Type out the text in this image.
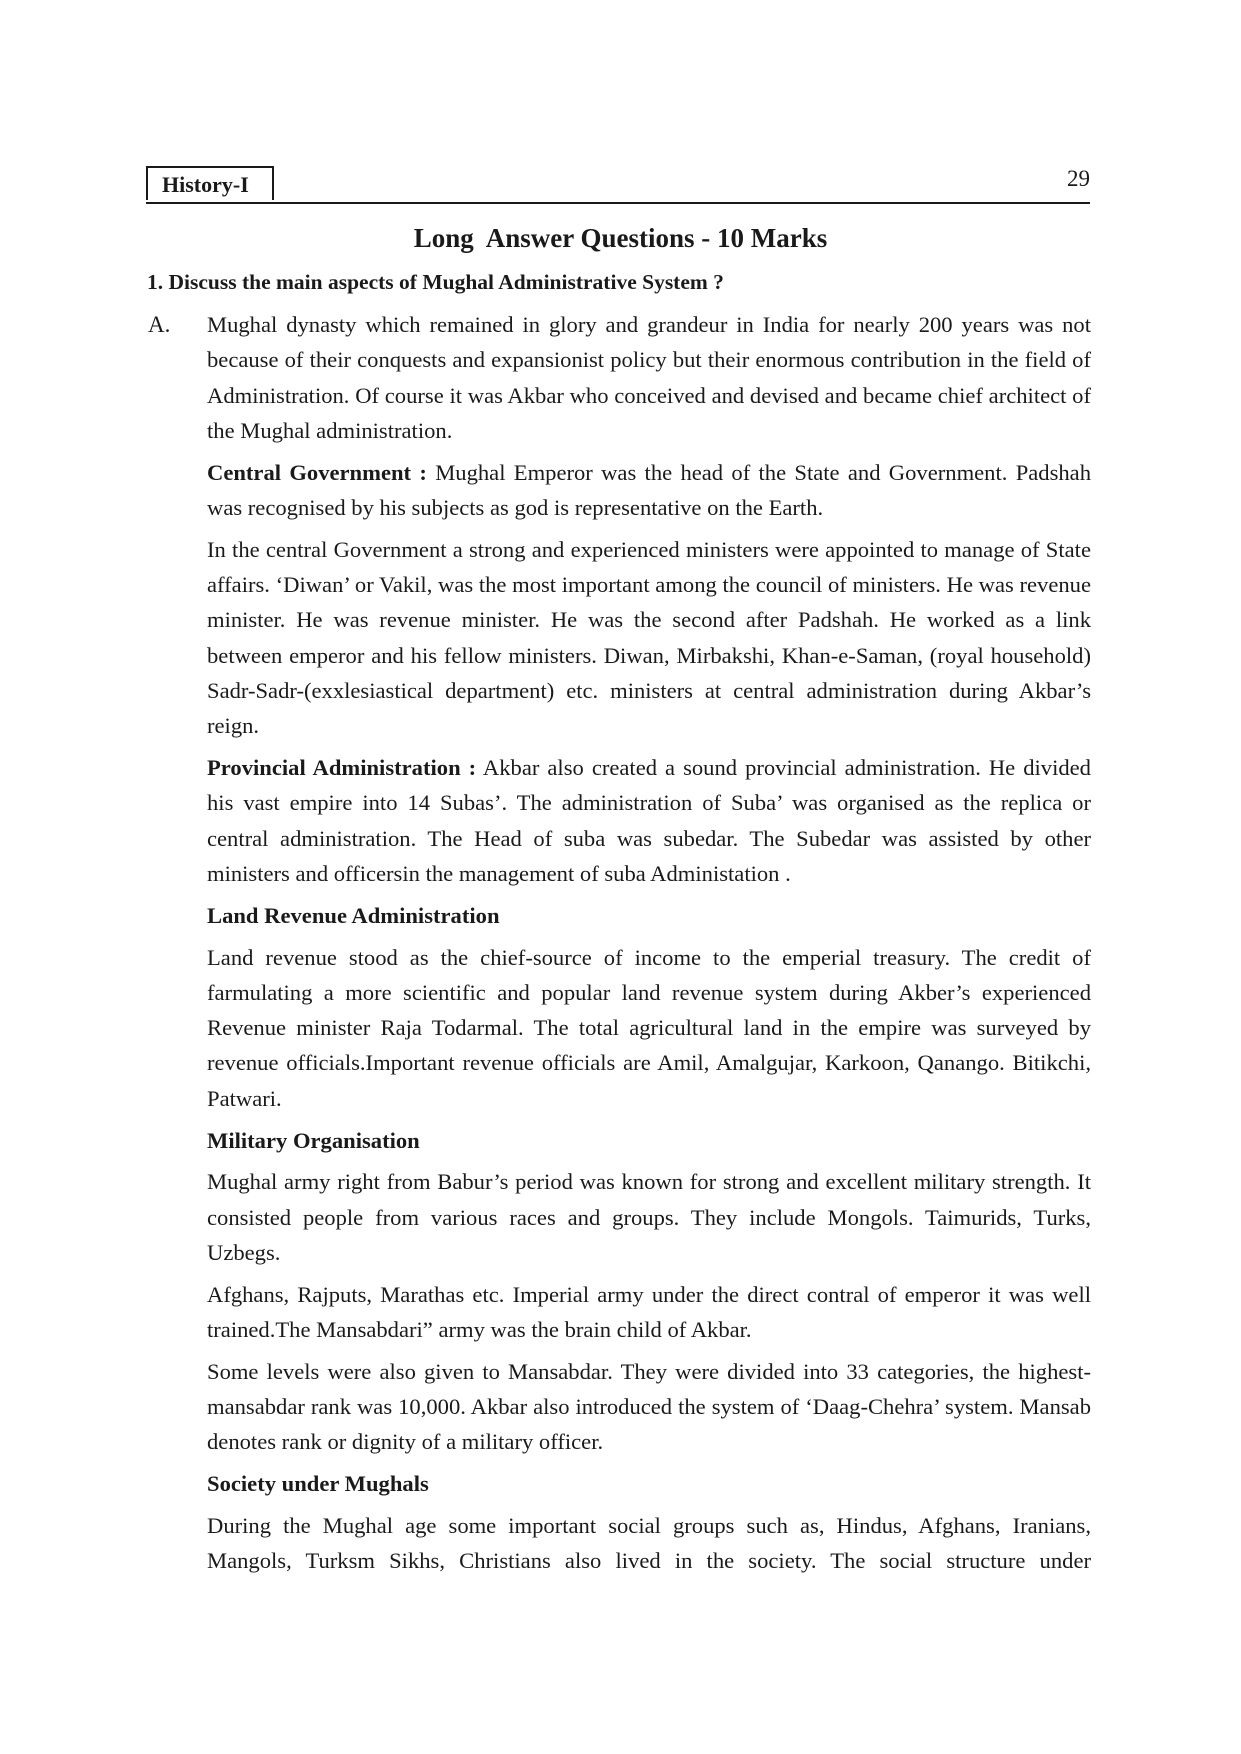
History-I	29
Long  Answer Questions - 10 Marks
1. Discuss the main aspects of Mughal Administrative System ?
A. Mughal dynasty which remained in glory and grandeur in India for nearly 200 years was not because of their conquests and expansionist policy but their enormous contribution in the field of Administration. Of course it was Akbar who conceived and devised and became chief architect of the Mughal administration.

Central Government : Mughal Emperor was the head of the State and Government. Padshah was recognised by his subjects as god is representative on the Earth.

In the central Government a strong and experienced ministers were appointed to manage of State affairs. ‘Diwan’ or Vakil, was the most important among the council of ministers. He was revenue minister. He was revenue minister. He was the second after Padshah. He worked as a link between emperor and his fellow ministers. Diwan, Mirbakshi, Khan-e-Saman, (royal household) Sadr-Sadr-(exxlesiastical department) etc. ministers at central administration during Akbar’s reign.

Provincial Administration : Akbar also created a sound provincial administration. He divided his vast empire into 14 Subas’. The administration of Suba’ was organised as the replica or central administration. The Head of suba was subedar. The Subedar was assisted by other ministers and officersin the management of suba Administation .

Land Revenue Administration

Land revenue stood as the chief-source of income to the emperial treasury. The credit of farmulating a more scientific and popular land revenue system during Akber’s experienced Revenue minister Raja Todarmal. The total agricultural land in the empire was surveyed by revenue officials.Important revenue officials are Amil, Amalgujar, Karkoon, Qanango. Bitikchi, Patwari.

Military Organisation

Mughal army right from Babur’s period was known for strong and excellent military strength. It consisted people from various races and groups. They include Mongols. Taimurids, Turks, Uzbegs.

Afghans, Rajputs, Marathas etc. Imperial army under the direct contral of emperor it was well trained.The Mansabdari” army was the brain child of Akbar.

Some levels were also given to Mansabdar. They were divided into 33 categories, the highest-mansabdar rank was 10,000. Akbar also introduced the system of ‘Daag-Chehra’ system. Mansab denotes rank or dignity of a military officer.

Society under Mughals

During the Mughal age some important social groups such as, Hindus, Afghans, Iranians, Mangols, Turksm Sikhs, Christians also lived in the society. The social structure under
